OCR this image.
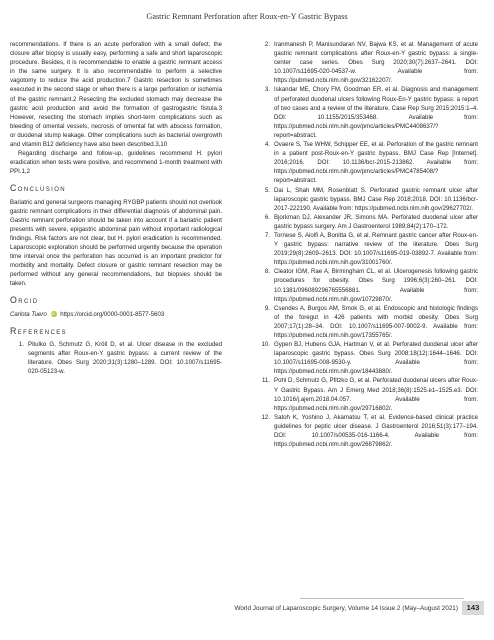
Gastric Remnant Perforation after Roux-en-Y Gastric Bypass

recommendations. If there is an acute perforation with a small defect, the closure after biopsy is usually easy, performing a safe and short laparoscopic procedure. Besides, it is recommendable to enable a gastric remnant access in the same surgery. It is also recommendable to perform a selective vagotomy to reduce the acid production.7 Gastric resection is sometimes executed in the second stage or when there is a large perforation or ischemia of the gastric remnant.2 Resecting the excluded stomach may decrease the gastric acid production and avoid the formation of gastrogastric fistula.3 However, resecting the stomach implies short-term complications such as bleeding of omental vessels, necrosis of omental fat with abscess formation, or duodenal stump leakage. Other complications such as bacterial overgrowth and vitamin B12 deficiency have also been described.3,10

Regarding discharge and follow-up, guidelines recommend H. pylori eradication when tests were positive, and recommend 1-month treatment with PPI.1,2

Conclusion

Bariatric and general surgeons managing RYGBP patients should not overlook gastric remnant complications in their differential diagnosis of abdominal pain. Gastric remnant perforation should be taken into account if a bariatric patient presents with severe, epigastric abdominal pain without important radiological findings. Risk factors are not clear, but H. pylori eradication is recommended. Laparoscopic exploration should be performed urgently because the operation time interval once the perforation has occurred is an important predictor for morbidity and mortality. Defect closure or gastric remnant resection may be performed without any general recommendations, but biopsies should be taken.

Orcid

Carlota Tuero iD https://orcid.org/0000-0001-8577-5603

References
1. Pitulko G, Schmutz G, Kröll D, et al. Ulcer disease in the excluded segments after Roux-en-Y gastric bypass: a current review of the literature. Obes Surg 2020;31(3):1280–1289. DOI: 10.1007/s11695-020-05123-w.
2. Iranmanesh P, Manisundaran NV, Bajwa KS, et al. Management of acute gastric remnant complications after Roux-en-Y gastric bypass: a single-center case series. Obes Surg 2020;30(7):2637–2641. DOI: 10.1007/s11695-020-04537-w. Available from: https://pubmed.ncbi.nlm.nih.gov/32162207/.
3. Iskandar ME, Chory FM, Goodman ER, et al. Diagnosis and management of perforated duodenal ulcers following Roux-En-Y gastric bypass: a report of two cases and a review of the literature. Case Rep Surg 2015;2015:1–4. DOI: 10.1155/2015/353468. Available from: https://pubmed.ncbi.nlm.nih.gov/pmc/articles/PMC4408637/?report=abstract.
4. Ovaere S, Tse WHW, Schipper EE, et al. Perforation of the gastric remnant in a patient post-Roux-en-Y gastric bypass. BMJ Case Rep [Internet]. 2016;2016. DOI: 10.1136/bcr-2015-213862. Available from: https://pubmed.ncbi.nlm.nih.gov/pmc/articles/PMC4785408/?report=abstract.
5. Dai L, Shah MM, Rosenblatt S. Perforated gastric remnant ulcer after laparoscopic gastric bypass. BMJ Case Rep 2018;2018. DOI: 10.1136/bcr-2017-222190. Available from: https://pubmed.ncbi.nlm.nih.gov/29627702/.
6. Bjorkman DJ, Alexander JR, Simons MA. Perforated duodenal ulcer after gastric bypass surgery. Am J Gastroenterol 1989;84(2):170–172.
7. Tornese S, Aiolfi A, Bonitta G, et al. Remnant gastric cancer after Roux-en-Y gastric bypass: narrative review of the literature. Obes Surg 2019;29(8):2609–2613. DOI: 10.1007/s11695-019-03892-7. Available from: https://pubmed.ncbi.nlm.nih.gov/31001760/.
8. Cleator IGM, Rae A, Birmingham CL, et al. Ulcerogenesis following gastric procedures for obesity. Obes Surg 1996;6(3):260–261. DOI: 10.1381/096089296765556881. Available from: https://pubmed.ncbi.nlm.nih.gov/10729870/.
9. Csendes A, Burgos AM, Smok G, et al. Endoscopic and histologic findings of the foregut in 426 patients with morbid obesity. Obes Surg 2007;17(1):28–34. DOI: 10.1007/s11695-007-9002-9. Available from: https://pubmed.ncbi.nlm.nih.gov/17355765/.
10. Gypen BJ, Hubens GJA, Hartman V, et al. Perforated duodenal ulcer after laparoscopic gastric bypass. Obes Surg 2008;18(12):1644–1646. DOI: 10.1007/s11695-008-9530-y. Available from: https://pubmed.ncbi.nlm.nih.gov/18443880/.
11. Pohl D, Schmutz G, Pfitzko G, et al. Perforated duodenal ulcers after Roux-Y Gastric Bypass. Am J Emerg Med 2018;36(8):1525.e1–1525.e3. DOI: 10.1016/j.ajem.2018.04.057. Available from: https://pubmed.ncbi.nlm.nih.gov/29716802/.
12. Satoh K, Yoshino J, Akamatsu T, et al. Evidence-based clinical practice guidelines for peptic ulcer disease. J Gastroenterol 2016;51(3):177–194. DOI: 10.1007/s00535-016-1166-4. Available from: https://pubmed.ncbi.nlm.nih.gov/26879862/.
World Journal of Laparoscopic Surgery, Volume 14 Issue 2 (May–August 2021)	143
